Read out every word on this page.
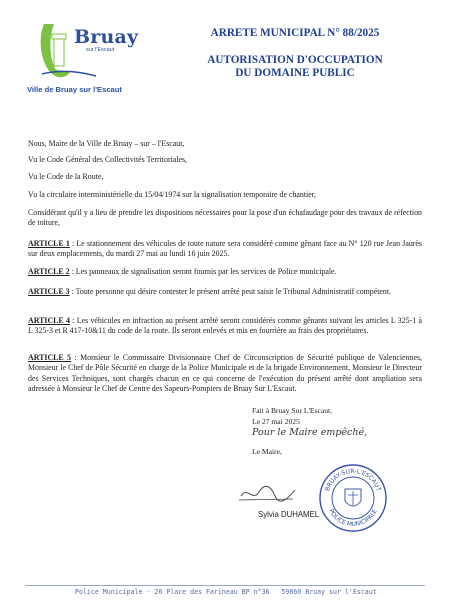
Bruay
sur l'Escaut
Ville de Bruay sur l'Escaut
ARRETE MUNICIPAL N° 88/2025
AUTORISATION D'OCCUPATION
DU DOMAINE PUBLIC
Nous, Maire de la Ville de Bruay – sur – l'Escaut,
Vu le Code Général des Collectivités Territoriales,
Vu le Code de la Route,
Vu la circulaire interministérielle du 15/04/1974 sur la signalisation temporaire de chantier,
Considérant qu'il y a lieu de prendre les dispositions nécessaires pour la pose d'un échafaudage pour des travaux de réfection de toiture,
ARTICLE 1 : Le stationnement des véhicules de toute nature sera considéré comme gênant face au N° 120 rue Jean Jaurès sur deux emplacements, du mardi 27 mai au lundi 16 juin 2025.
ARTICLE 2 : Les panneaux de signalisation seront fournis par les services de Police municipale.
ARTICLE 3 : Toute personne qui désire contester le présent arrêté peut saisir le Tribunal Administratif compétent.
ARTICLE 4 : Les véhicules en infraction au présent arrêté seront considérés comme gênants suivant les articles L 325-1 à L 325-3 et R 417-10&11 du code de la route. Ils seront enlevés et mis en fourrière au frais des propriétaires.
ARTICLE 5 : Monsieur le Commissaire Divisionnaire Chef de Circonscription de Sécurité publique de Valenciennes, Monsieur le Chef de Pôle Sécurité en charge de la Police Municipale et de la brigade Environnement, Monsieur le Directeur des Services Techniques, sont chargés chacun en ce qui concerne de l'exécution du présent arrêté dont ampliation sera adressée à Monsieur le Chef de Centre des Sapeurs-Pompiers de Bruay Sur L'Escaut.
Fait à Bruay Sur L'Escaut,
Le 27 mai 2025
Pour le Maire empêché,
Le Maire,
Sylvia DUHAMEL
BRUAY-SUR-L'ESCAUT
POLICE MUNICIPALE
Police Municipale - 26 Place des Farineau BP n°36   59860 Bruay sur l'Escaut
